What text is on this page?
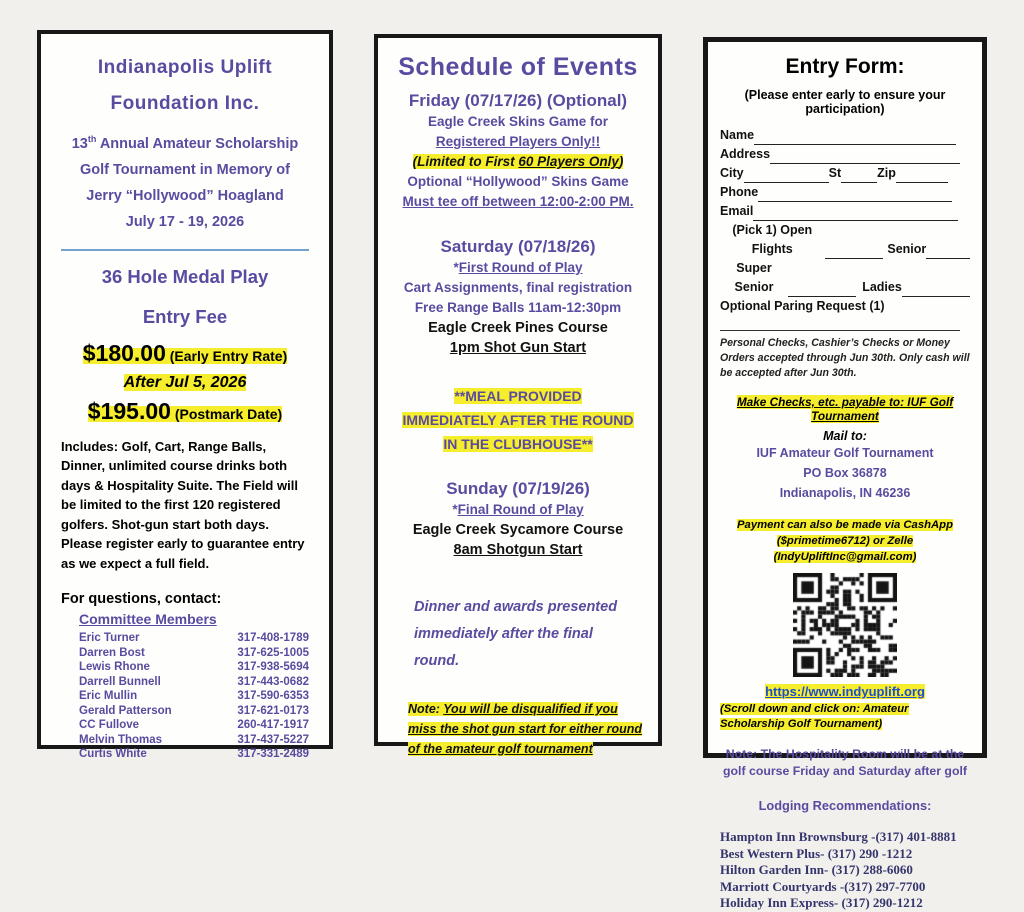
Indianapolis Uplift
Foundation Inc.
13th Annual Amateur Scholarship
Golf Tournament in Memory of
Jerry “Hollywood” Hoagland
July 17 - 19, 2026
36 Hole Medal Play
Entry Fee
$180.00 (Early Entry Rate)
After Jul 5, 2026
$195.00 (Postmark Date)
Includes: Golf, Cart, Range Balls, Dinner, unlimited course drinks both days & Hospitality Suite. The Field will be limited to the first 120 registered golfers. Shot-gun start both days. Please register early to guarantee entry as we expect a full field.
For questions, contact:
Committee Members
Eric Turner	317-408-1789
Darren Bost	317-625-1005
Lewis Rhone	317-938-5694
Darrell Bunnell	317-443-0682
Eric Mullin	317-590-6353
Gerald Patterson	317-621-0173
CC Fullove	260-417-1917
Melvin Thomas	317-437-5227
Curtis White	317-331-2489
Schedule of Events
Friday (07/17/26) (Optional)
Eagle Creek Skins Game for
Registered Players Only!!
(Limited to First 60 Players Only)
Optional “Hollywood” Skins Game
Must tee off between 12:00-2:00 PM.
Saturday (07/18/26)
*First Round of Play
Cart Assignments, final registration
Free Range Balls 11am-12:30pm
Eagle Creek Pines Course
1pm Shot Gun Start
**MEAL PROVIDED
IMMEDIATELY AFTER THE ROUND
IN THE CLUBHOUSE**
Sunday (07/19/26)
*Final Round of Play
Eagle Creek Sycamore Course
8am Shotgun Start
Dinner and awards presented immediately after the final round.
Note: You will be disqualified if you miss the shot gun start for either round of the amateur golf tournament
Entry Form:
(Please enter early to ensure your participation)
Name
Address
City	St	Zip
Phone
Email
(Pick 1) Open Flights	Senior
Super Senior	Ladies
Optional Paring Request (1)
Personal Checks, Cashier’s Checks or Money Orders accepted through Jun 30th. Only cash will be accepted after Jun 30th.
Make Checks, etc. payable to: IUF Golf Tournament
Mail to:
IUF Amateur Golf Tournament
PO Box 36878
Indianapolis, IN 46236
Payment can also be made via CashApp ($primetime6712) or Zelle (IndyUpliftInc@gmail.com)
https://www.indyuplift.org
(Scroll down and click on: Amateur Scholarship Golf Tournament)
Note: The Hospitality Room will be at the golf course Friday and Saturday after golf
Lodging Recommendations:
Hampton Inn Brownsburg -(317) 401-8881
Best Western Plus- (317) 290 -1212
Hilton Garden Inn- (317) 288-6060
Marriott Courtyards -(317) 297-7700
Holiday Inn Express- (317) 290-1212
